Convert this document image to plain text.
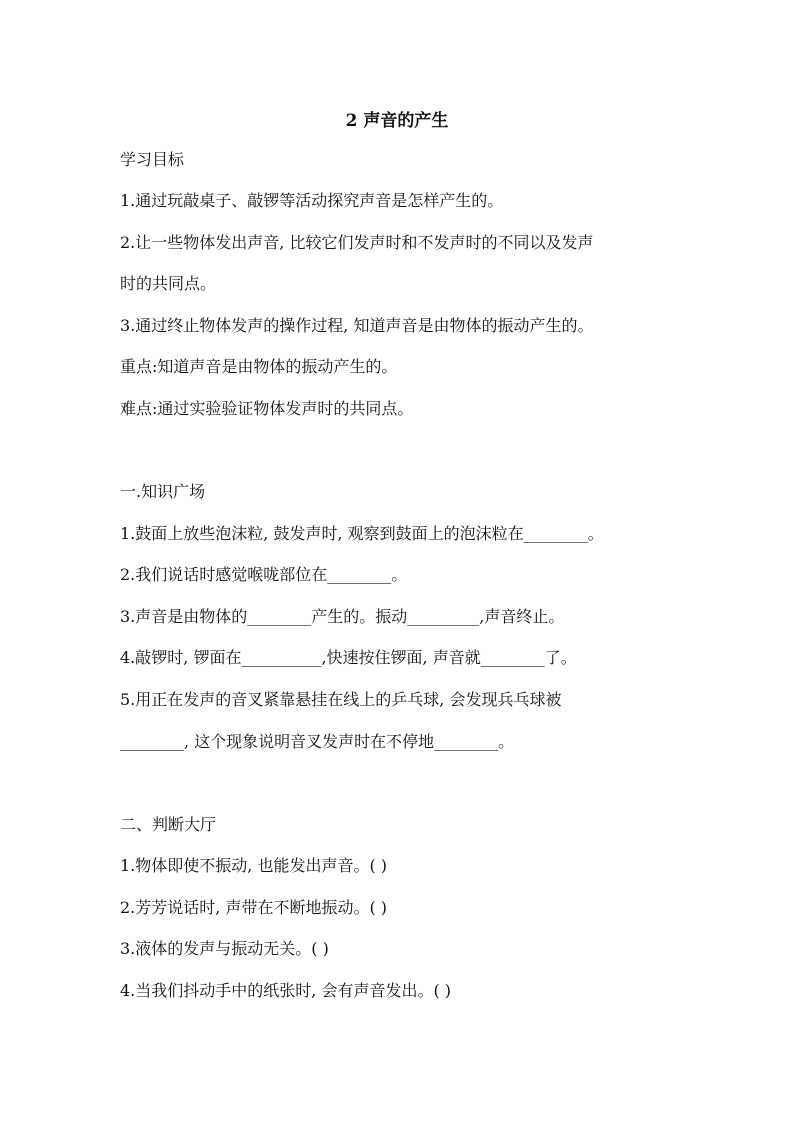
2 声音的产生
学习目标
1.通过玩敲桌子、敲锣等活动探究声音是怎样产生的。
2.让一些物体发出声音, 比较它们发声时和不发声时的不同以及发声
时的共同点。
3.通过终止物体发声的操作过程, 知道声音是由物体的振动产生的。
重点:知道声音是由物体的振动产生的。
难点:通过实验验证物体发声时的共同点。
一.知识广场
1.鼓面上放些泡沫粒, 鼓发声时, 观察到鼓面上的泡沫粒在________。
2.我们说话时感觉喉咙部位在________。
3.声音是由物体的________产生的。振动_________,声音终止。
4.敲锣时, 锣面在__________,快速按住锣面, 声音就________了。
5.用正在发声的音叉紧靠悬挂在线上的乒乓球, 会发现兵乓球被
________, 这个现象说明音叉发声时在不停地________。
二、判断大厅
1.物体即使不振动, 也能发出声音。( )
2.芳芳说话时, 声带在不断地振动。( )
3.液体的发声与振动无关。( )
4.当我们抖动手中的纸张时, 会有声音发出。( )
